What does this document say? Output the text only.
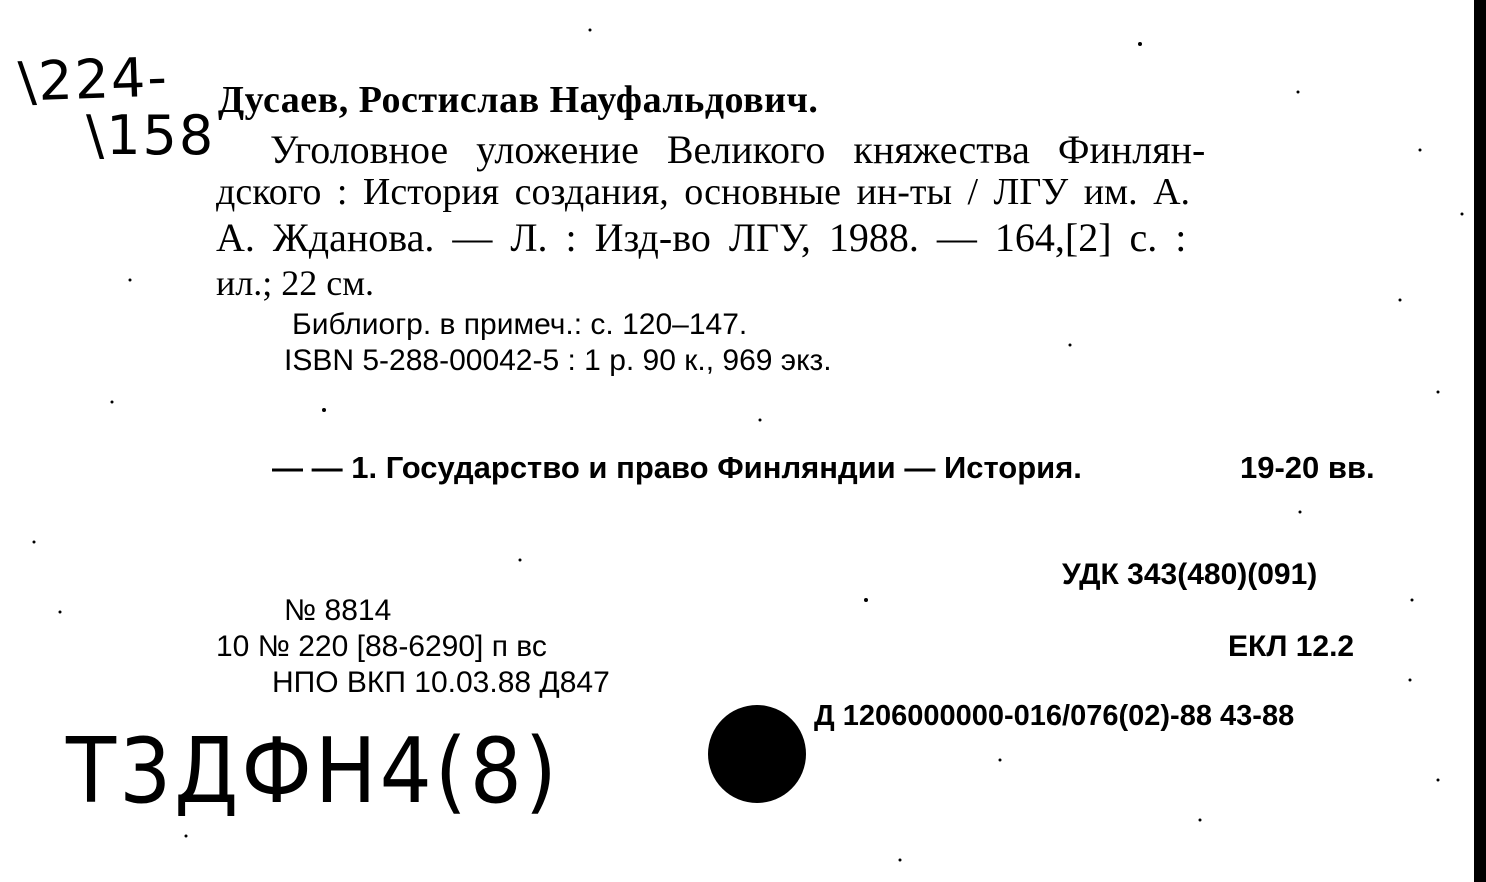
\224-
\158
Дусаев, Ростислав Науфальдович.
Уголовное уложение Великого княжества Финлян-
дского : История создания, основные ин-ты / ЛГУ им. А.
А. Жданова. — Л. : Изд-во ЛГУ, 1988. — 164,[2] с. :
ил.; 22 см.
Библиогр. в примеч.: с. 120–147.
ISBN 5-288-00042-5 : 1 р. 90 к., 969 экз.
— — 1. Государство и право Финляндии — История.	19-20 вв.
УДК 343(480)(091)
№ 8814
10 № 220 [88-6290] п вс	ЕКЛ 12.2
НПО ВКП 10.03.88 Д847
Д 1206000000-016/076(02)-88 43-88
Т3ДФН4(8)
